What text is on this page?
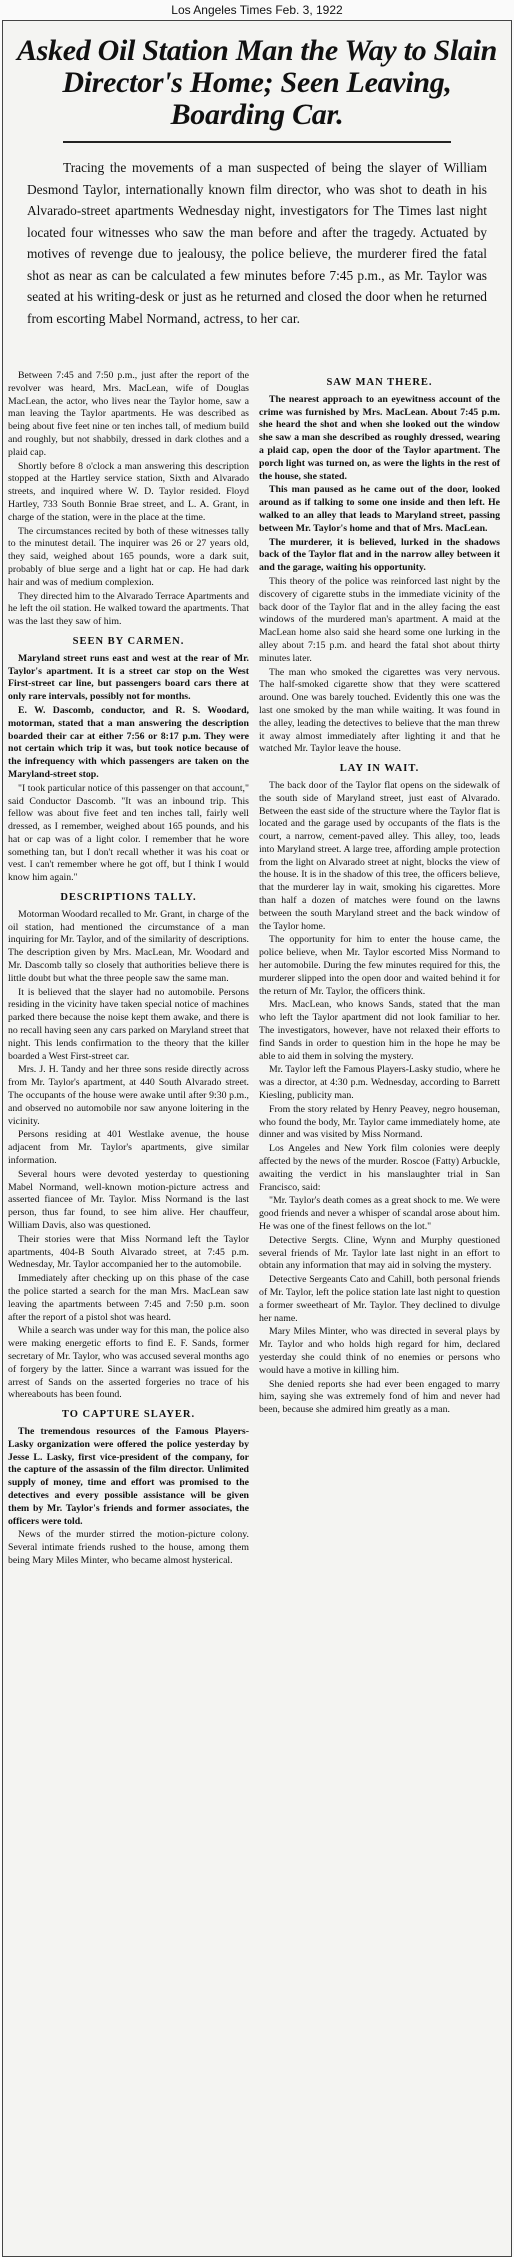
Los Angeles Times Feb. 3, 1922
Asked Oil Station Man the Way to Slain Director's Home; Seen Leaving, Boarding Car.

Tracing the movements of a man suspected of being the slayer of William Desmond Taylor, internationally known film director, who was shot to death in his Alvarado-street apartments Wednesday night, investigators for The Times last night located four witnesses who saw the man before and after the tragedy. Actuated by motives of revenge due to jealousy, the police believe, the murderer fired the fatal shot as near as can be calculated a few minutes before 7:45 p.m., as Mr. Taylor was seated at his writing-desk or just as he returned and closed the door when he returned from escorting Mabel Normand, actress, to her car.

Between 7:45 and 7:50 p.m., just after the report of the revolver was heard, Mrs. MacLean, wife of Douglas MacLean, the actor, who lives near the Taylor home, saw a man leaving the Taylor apartments. He was described as being about five feet nine or ten inches tall, of medium build and roughly, but not shabbily, dressed in dark clothes and a plaid cap.

Shortly before 8 o'clock a man answering this description stopped at the Hartley service station, Sixth and Alvarado streets, and inquired where W. D. Taylor resided. Floyd Hartley, 733 South Bonnie Brae street, and L. A. Grant, in charge of the station, were in the place at the time.

The circumstances recited by both of these witnesses tally to the minutest detail. The inquirer was 26 or 27 years old, they said, weighed about 165 pounds, wore a dark suit, probably of blue serge and a light hat or cap. He had dark hair and was of medium complexion.

They directed him to the Alvarado Terrace Apartments and he left the oil station. He walked toward the apartments. That was the last they saw of him.

SEEN BY CARMEN.

Maryland street runs east and west at the rear of Mr. Taylor's apartment. It is a street car stop on the West First-street car line, but passengers board cars there at only rare intervals, possibly not for months.

E. W. Dascomb, conductor, and R. S. Woodard, motorman, stated that a man answering the description boarded their car at either 7:56 or 8:17 p.m. They were not certain which trip it was, but took notice because of the infrequency with which passengers are taken on the Maryland-street stop.

"I took particular notice of this passenger on that account," said Conductor Dascomb. "It was an inbound trip. This fellow was about five feet and ten inches tall, fairly well dressed, as I remember, weighed about 165 pounds, and his hat or cap was of a light color. I remember that he wore something tan, but I don't recall whether it was his coat or vest. I can't remember where he got off, but I think I would know him again."

DESCRIPTIONS TALLY.

Motorman Woodard recalled to Mr. Grant, in charge of the oil station, had mentioned the circumstance of a man inquiring for Mr. Taylor, and of the similarity of descriptions. The description given by Mrs. MacLean, Mr. Woodard and Mr. Dascomb tally so closely that authorities believe there is little doubt but what the three people saw the same man.

It is believed that the slayer had no automobile. Persons residing in the vicinity have taken special notice of machines parked there because the noise kept them awake, and there is no recall having seen any cars parked on Maryland street that night. This lends confirmation to the theory that the killer boarded a West First-street car.

Mrs. J. H. Tandy and her three sons reside directly across from Mr. Taylor's apartment, at 440 South Alvarado street. The occupants of the house were awake until after 9:30 p.m., and observed no automobile nor saw anyone loitering in the vicinity.

Persons residing at 401 Westlake avenue, the house adjacent from Mr. Taylor's apartments, give similar information.

Several hours were devoted yesterday to questioning Mabel Normand, well-known motion-picture actress and asserted fiancee of Mr. Taylor. Miss Normand is the last person, thus far found, to see him alive. Her chauffeur, William Davis, also was questioned.

Their stories were that Miss Normand left the Taylor apartments, 404-B South Alvarado street, at 7:45 p.m. Wednesday, Mr. Taylor accompanied her to the automobile.

Immediately after checking up on this phase of the case the police started a search for the man Mrs. MacLean saw leaving the apartments between 7:45 and 7:50 p.m. soon after the report of a pistol shot was heard.

While a search was under way for this man, the police also were making energetic efforts to find E. F. Sands, former secretary of Mr. Taylor, who was accused several months ago of forgery by the latter. Since a warrant was issued for the arrest of Sands on the asserted forgeries no trace of his whereabouts has been found.

TO CAPTURE SLAYER.

The tremendous resources of the Famous Players-Lasky organization were offered the police yesterday by Jesse L. Lasky, first vice-president of the company, for the capture of the assassin of the film director. Unlimited supply of money, time and effort was promised to the detectives and every possible assistance will be given them by Mr. Taylor's friends and former associates, the officers were told.

News of the murder stirred the motion-picture colony. Several intimate friends rushed to the house, among them being Mary Miles Minter, who became almost hysterical.

SAW MAN THERE.

The nearest approach to an eyewitness account of the crime was furnished by Mrs. MacLean. About 7:45 p.m. she heard the shot and when she looked out the window she saw a man she described as roughly dressed, wearing a plaid cap, open the door of the Taylor apartment. The porch light was turned on, as were the lights in the rest of the house, she stated.

This man paused as he came out of the door, looked around as if talking to some one inside and then left. He walked to an alley that leads to Maryland street, passing between Mr. Taylor's home and that of Mrs. MacLean.

The murderer, it is believed, lurked in the shadows back of the Taylor flat and in the narrow alley between it and the garage, waiting his opportunity.

This theory of the police was reinforced last night by the discovery of cigarette stubs in the immediate vicinity of the back door of the Taylor flat and in the alley facing the east windows of the murdered man's apartment. A maid at the MacLean home also said she heard some one lurking in the alley about 7:15 p.m. and heard the fatal shot about thirty minutes later.

The man who smoked the cigarettes was very nervous. The half-smoked cigarette show that they were scattered around. One was barely touched. Evidently this one was the last one smoked by the man while waiting. It was found in the alley, leading the detectives to believe that the man threw it away almost immediately after lighting it and that he watched Mr. Taylor leave the house.

LAY IN WAIT.

The back door of the Taylor flat opens on the sidewalk of the south side of Maryland street, just east of Alvarado. Between the east side of the structure where the Taylor flat is located and the garage used by occupants of the flats is the court, a narrow, cement-paved alley. This alley, too, leads into Maryland street. A large tree, affording ample protection from the light on Alvarado street at night, blocks the view of the house. It is in the shadow of this tree, the officers believe, that the murderer lay in wait, smoking his cigarettes. More than half a dozen of matches were found on the lawns between the south Maryland street and the back window of the Taylor home.

The opportunity for him to enter the house came, the police believe, when Mr. Taylor escorted Miss Normand to her automobile. During the few minutes required for this, the murderer slipped into the open door and waited behind it for the return of Mr. Taylor, the officers think.

Mrs. MacLean, who knows Sands, stated that the man who left the Taylor apartment did not look familiar to her. The investigators, however, have not relaxed their efforts to find Sands in order to question him in the hope he may be able to aid them in solving the mystery.

Mr. Taylor left the Famous Players-Lasky studio, where he was a director, at 4:30 p.m. Wednesday, according to Barrett Kiesling, publicity man.

From the story related by Henry Peavey, negro houseman, who found the body, Mr. Taylor came immediately home, ate dinner and was visited by Miss Normand.

Los Angeles and New York film colonies were deeply affected by the news of the murder. Roscoe (Fatty) Arbuckle, awaiting the verdict in his manslaughter trial in San Francisco, said:

"Mr. Taylor's death comes as a great shock to me. We were good friends and never a whisper of scandal arose about him. He was one of the finest fellows on the lot."

Detective Sergts. Cline, Wynn and Murphy questioned several friends of Mr. Taylor late last night in an effort to obtain any information that may aid in solving the mystery.

Detective Sergeants Cato and Cahill, both personal friends of Mr. Taylor, left the police station late last night to question a former sweetheart of Mr. Taylor. They declined to divulge her name.

Mary Miles Minter, who was directed in several plays by Mr. Taylor and who holds high regard for him, declared yesterday she could think of no enemies or persons who would have a motive in killing him.

She denied reports she had ever been engaged to marry him, saying she was extremely fond of him and never had been, because she admired him greatly as a man.
